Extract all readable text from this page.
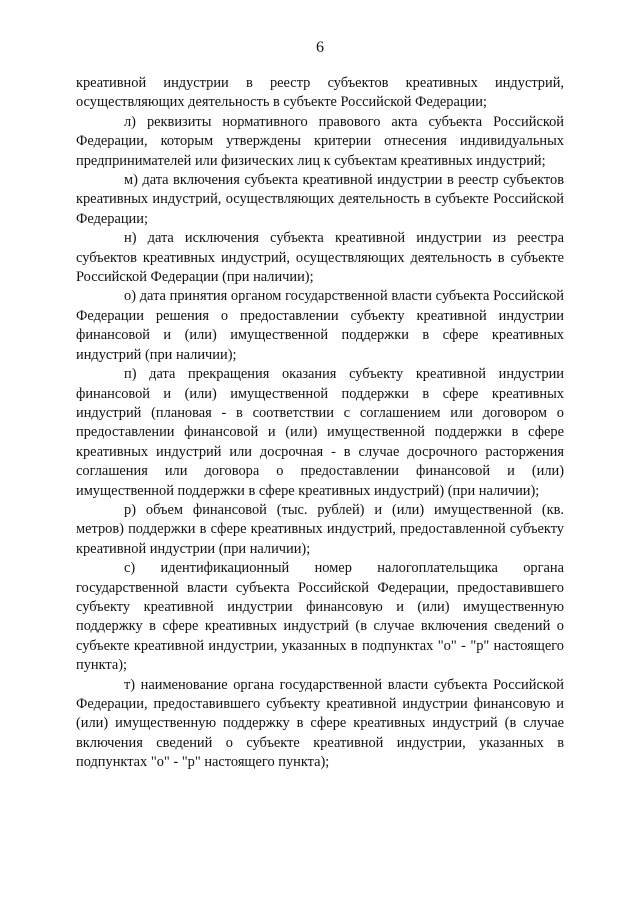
6

креативной индустрии в реестр субъектов креативных индустрий, осуществляющих деятельность в субъекте Российской Федерации;

л) реквизиты нормативного правового акта субъекта Российской Федерации, которым утверждены критерии отнесения индивидуальных предпринимателей или физических лиц к субъектам креативных индустрий;

м) дата включения субъекта креативной индустрии в реестр субъектов креативных индустрий, осуществляющих деятельность в субъекте Российской Федерации;

н) дата исключения субъекта креативной индустрии из реестра субъектов креативных индустрий, осуществляющих деятельность в субъекте Российской Федерации (при наличии);

о) дата принятия органом государственной власти субъекта Российской Федерации решения о предоставлении субъекту креативной индустрии финансовой и (или) имущественной поддержки в сфере креативных индустрий (при наличии);

п) дата прекращения оказания субъекту креативной индустрии финансовой и (или) имущественной поддержки в сфере креативных индустрий (плановая - в соответствии с соглашением или договором о предоставлении финансовой и (или) имущественной поддержки в сфере креативных индустрий или досрочная - в случае досрочного расторжения соглашения или договора о предоставлении финансовой и (или) имущественной поддержки в сфере креативных индустрий) (при наличии);

р) объем финансовой (тыс. рублей) и (или) имущественной (кв. метров) поддержки в сфере креативных индустрий, предоставленной субъекту креативной индустрии (при наличии);

с) идентификационный номер налогоплательщика органа государственной власти субъекта Российской Федерации, предоставившего субъекту креативной индустрии финансовую и (или) имущественную поддержку в сфере креативных индустрий (в случае включения сведений о субъекте креативной индустрии, указанных в подпунктах "о" - "р" настоящего пункта);

т) наименование органа государственной власти субъекта Российской Федерации, предоставившего субъекту креативной индустрии финансовую и (или) имущественную поддержку в сфере креативных индустрий (в случае включения сведений о субъекте креативной индустрии, указанных в подпунктах "о" - "р" настоящего пункта);
